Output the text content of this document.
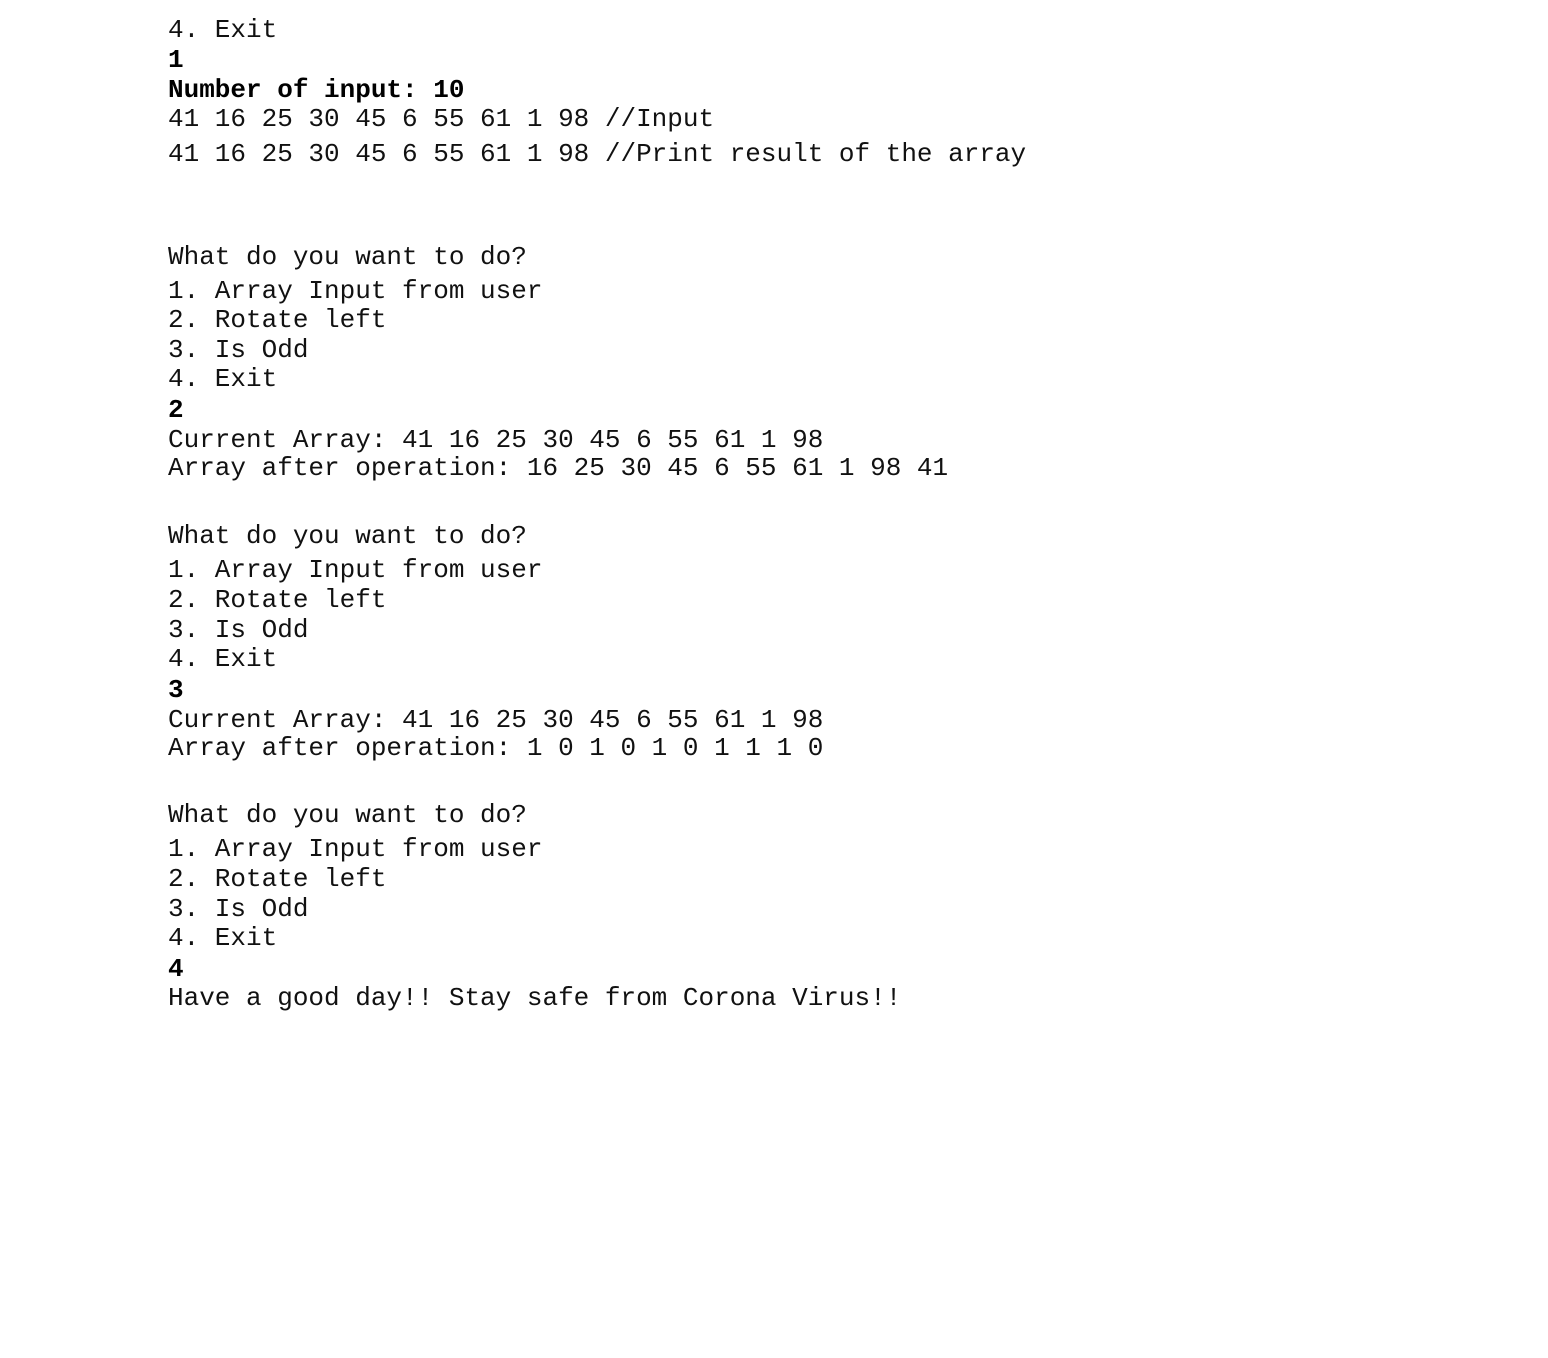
4. Exit
1
Number of input: 10
41 16 25 30 45 6 55 61 1 98 //Input
41 16 25 30 45 6 55 61 1 98 //Print result of the array
What do you want to do?
1. Array Input from user
2. Rotate left
3. Is Odd
4. Exit
2
Current Array: 41 16 25 30 45 6 55 61 1 98
Array after operation: 16 25 30 45 6 55 61 1 98 41
What do you want to do?
1. Array Input from user
2. Rotate left
3. Is Odd
4. Exit
3
Current Array: 41 16 25 30 45 6 55 61 1 98
Array after operation: 1 0 1 0 1 0 1 1 1 0
What do you want to do?
1. Array Input from user
2. Rotate left
3. Is Odd
4. Exit
4
Have a good day!! Stay safe from Corona Virus!!
